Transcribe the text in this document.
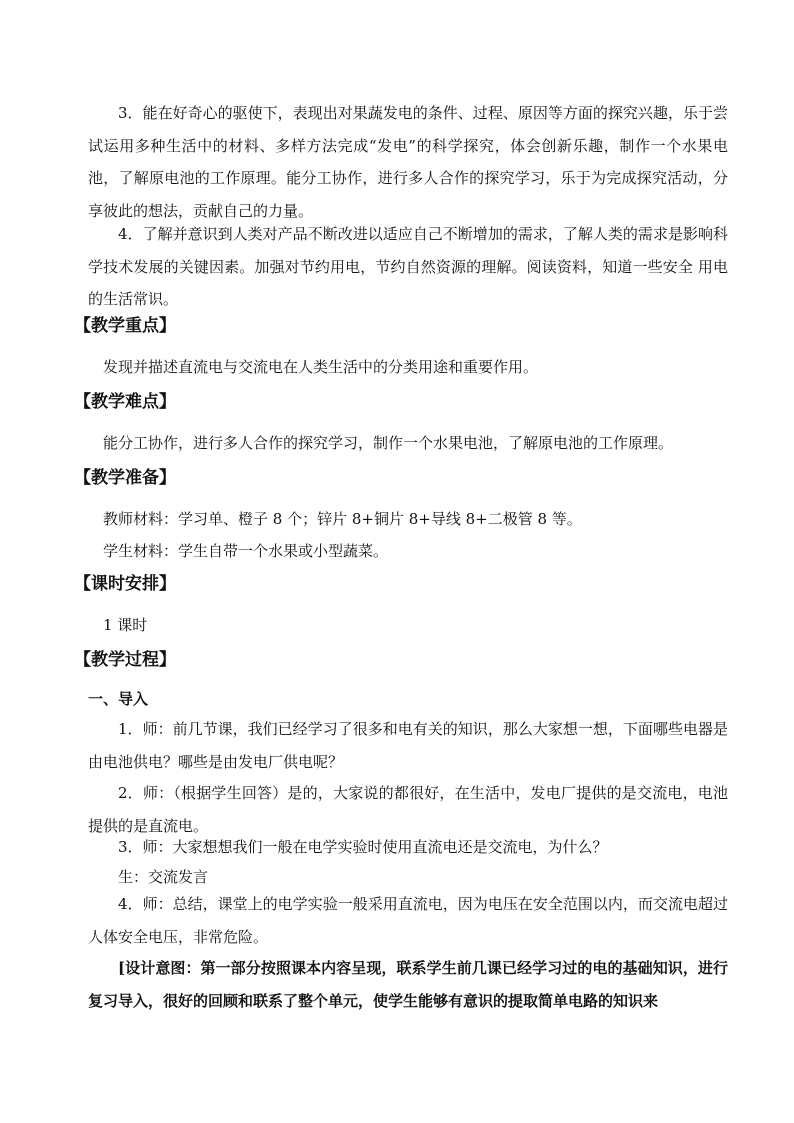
3．能在好奇心的驱使下，表现出对果蔬发电的条件、过程、原因等方面的探究兴趣，乐于尝试运用多种生活中的材料、多样方法完成“发电”的科学探究，体会创新乐趣，制作一个水果电池，了解原电池的工作原理。能分工协作，进行多人合作的探究学习，乐于为完成探究活动，分享彼此的想法，贡献自己的力量。

4．了解并意识到人类对产品不断改进以适应自己不断增加的需求，了解人类的需求是影响科学技术发展的关键因素。加强对节约用电，节约自然资源的理解。阅读资料，知道一些安全 用电的生活常识。

【教学重点】

发现并描述直流电与交流电在人类生活中的分类用途和重要作用。

【教学难点】

能分工协作，进行多人合作的探究学习，制作一个水果电池，了解原电池的工作原理。

【教学准备】

教师材料：学习单、橙子 8 个；锌片 8+铜片 8+导线 8+二极管 8 等。

学生材料：学生自带一个水果或小型蔬菜。

【课时安排】

1 课时

【教学过程】

一、导入

1．师：前几节课，我们已经学习了很多和电有关的知识，那么大家想一想，下面哪些电器是由电池供电？哪些是由发电厂供电呢？

2．师：（根据学生回答）是的，大家说的都很好，在生活中，发电厂提供的是交流电，电池提供的是直流电。

3．师：大家想想我们一般在电学实验时使用直流电还是交流电，为什么？

生：交流发言

4．师：总结，课堂上的电学实验一般采用直流电，因为电压在安全范围以内，而交流电超过人体安全电压，非常危险。

[设计意图：第一部分按照课本内容呈现，联系学生前几课已经学习过的电的基础知识，进行复习导入，很好的回顾和联系了整个单元，使学生能够有意识的提取简单电路的知识来
